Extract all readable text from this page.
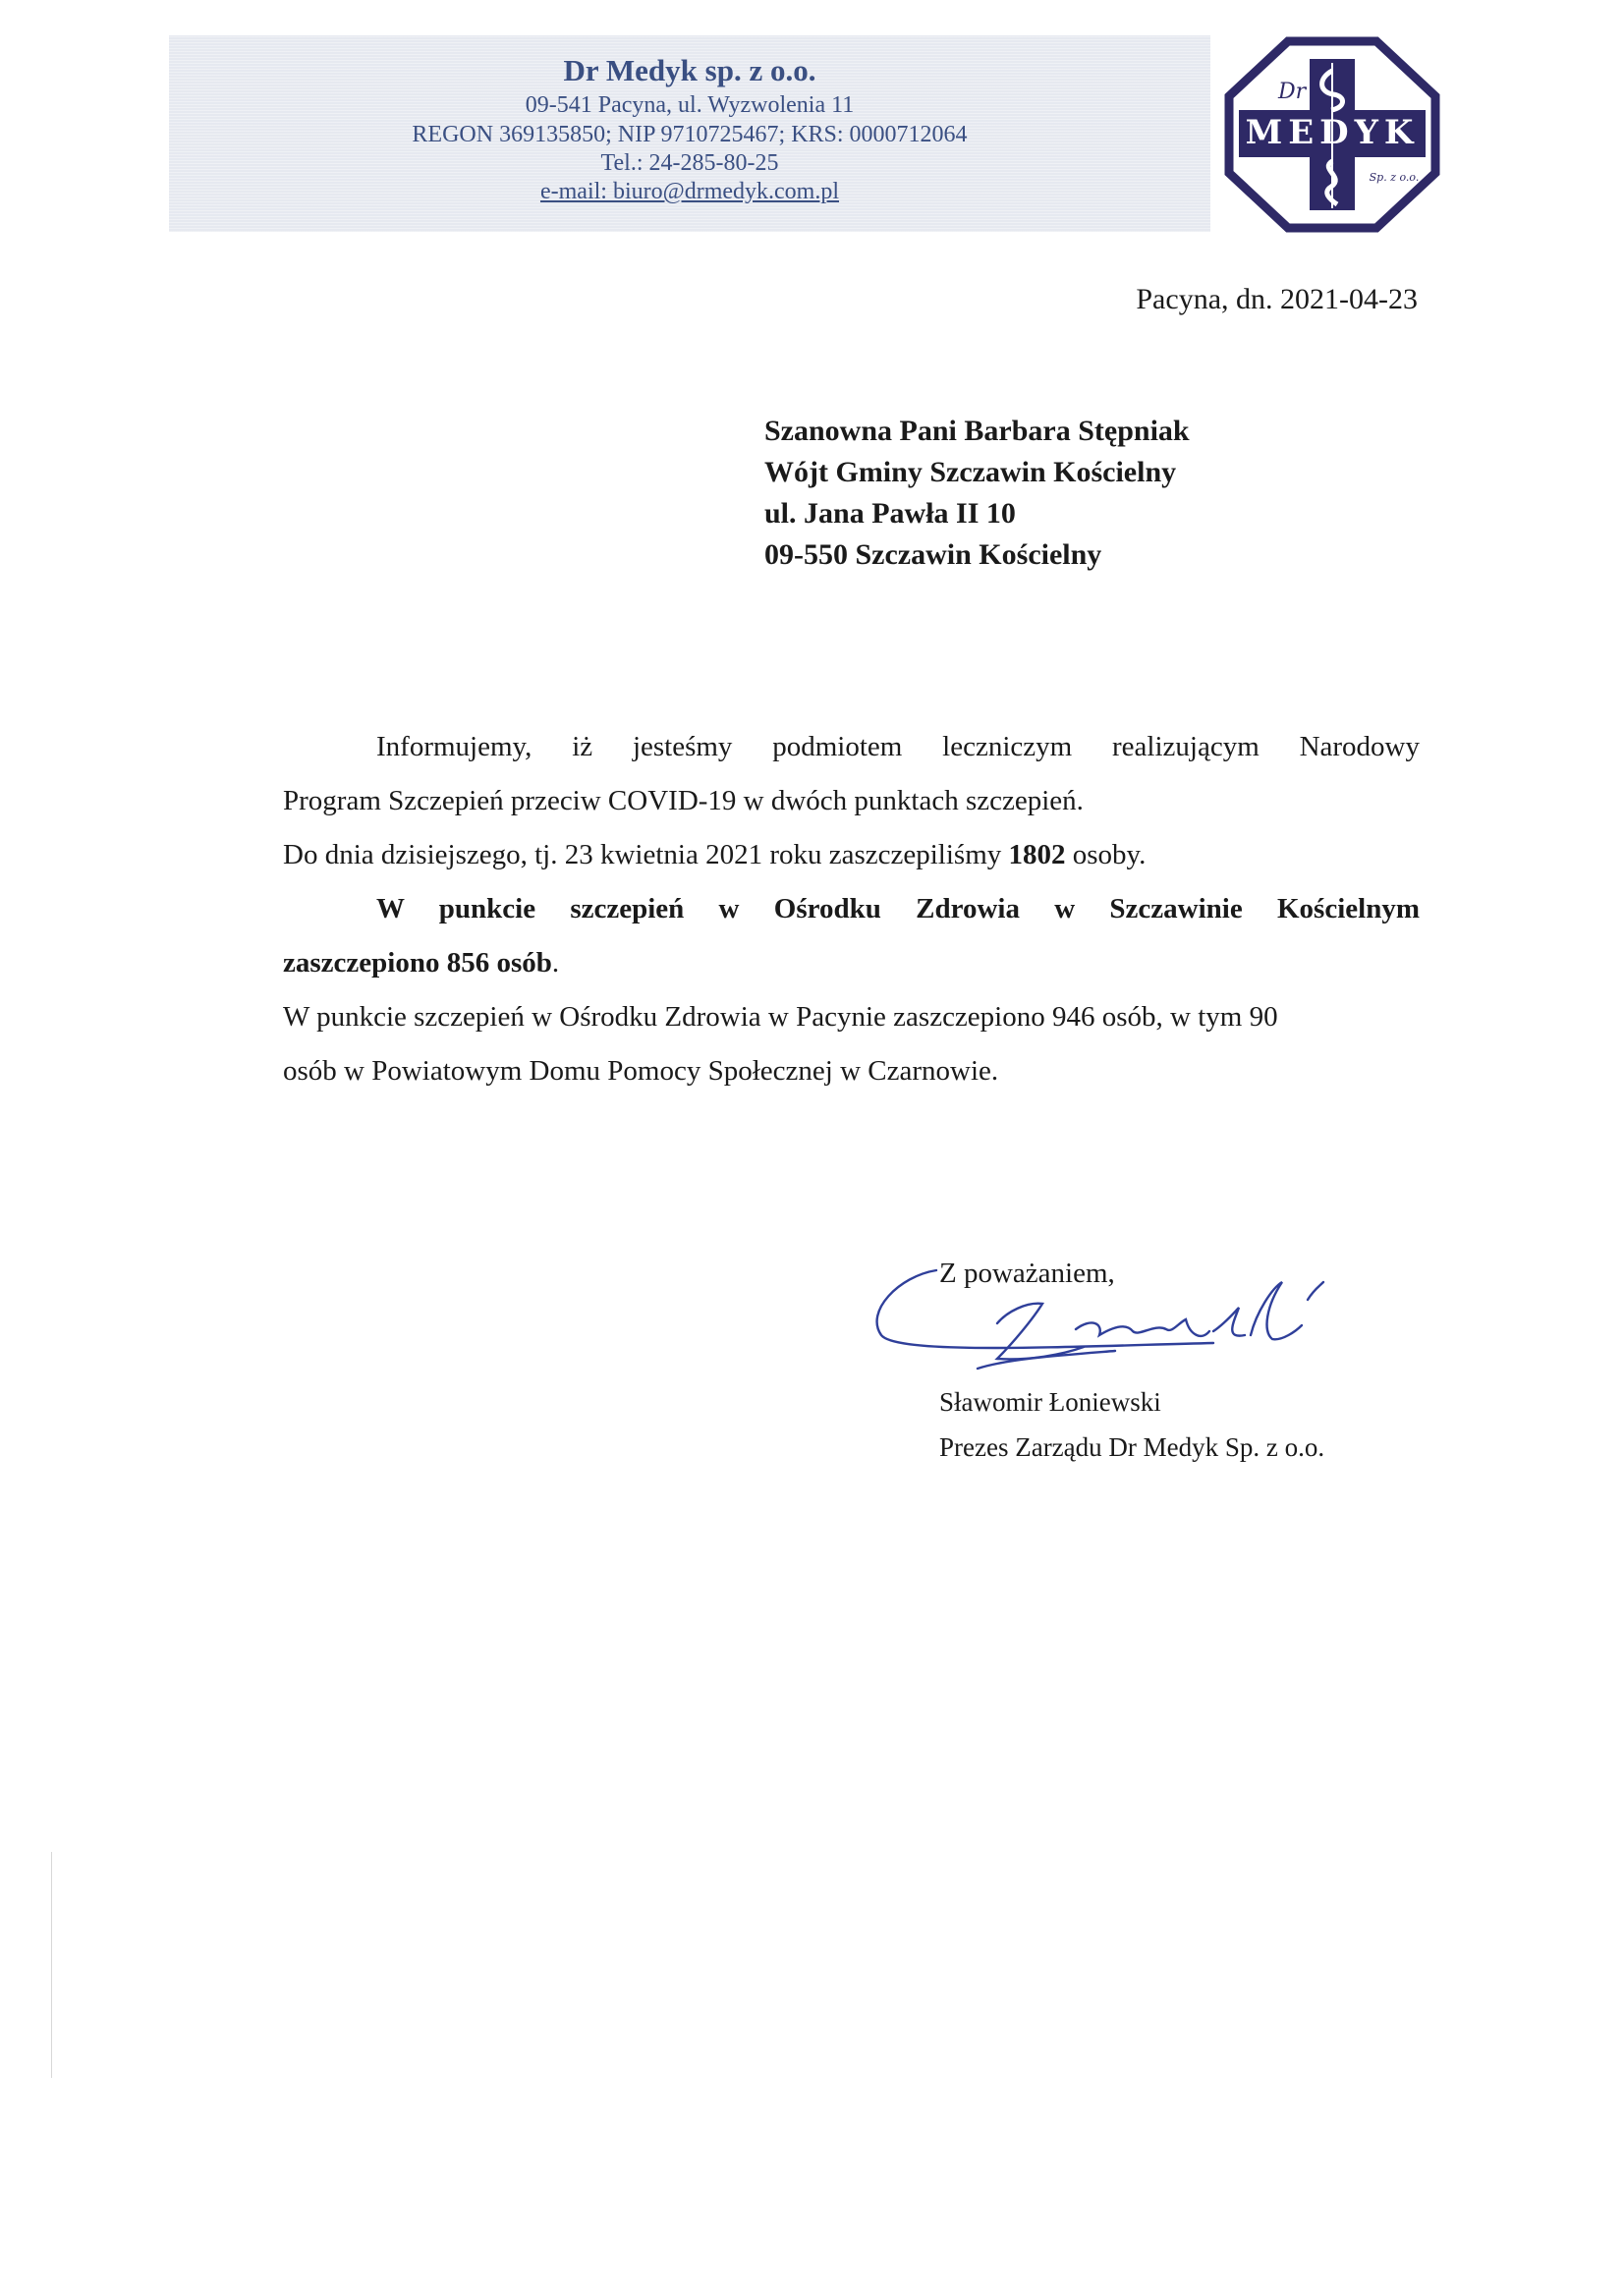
Dr Medyk sp. z o.o.
09-541 Pacyna, ul. Wyzwolenia 11
REGON 369135850; NIP 9710725467; KRS: 0000712064
Tel.: 24-285-80-25
e-mail: biuro@drmedyk.com.pl
Dr
MEDYK
Sp. z o.o.
Pacyna, dn. 2021-04-23
Szanowna Pani Barbara Stępniak
Wójt Gminy Szczawin Kościelny
ul. Jana Pawła II 10
09-550 Szczawin Kościelny

Informujemy, iż jesteśmy podmiotem leczniczym realizującym Narodowy

Program Szczepień przeciw COVID-19 w dwóch punktach szczepień.

Do dnia dzisiejszego, tj. 23 kwietnia 2021 roku zaszczepiliśmy 1802 osoby.

W punkcie szczepień w Ośrodku Zdrowia w Szczawinie Kościelnym

zaszczepiono 856 osób.

W punkcie szczepień w Ośrodku Zdrowia w Pacynie zaszczepiono 946 osób, w tym 90

osób w Powiatowym Domu Pomocy Społecznej w Czarnowie.

Z poważaniem,
Sławomir Łoniewski
Prezes Zarządu Dr Medyk Sp. z o.o.
